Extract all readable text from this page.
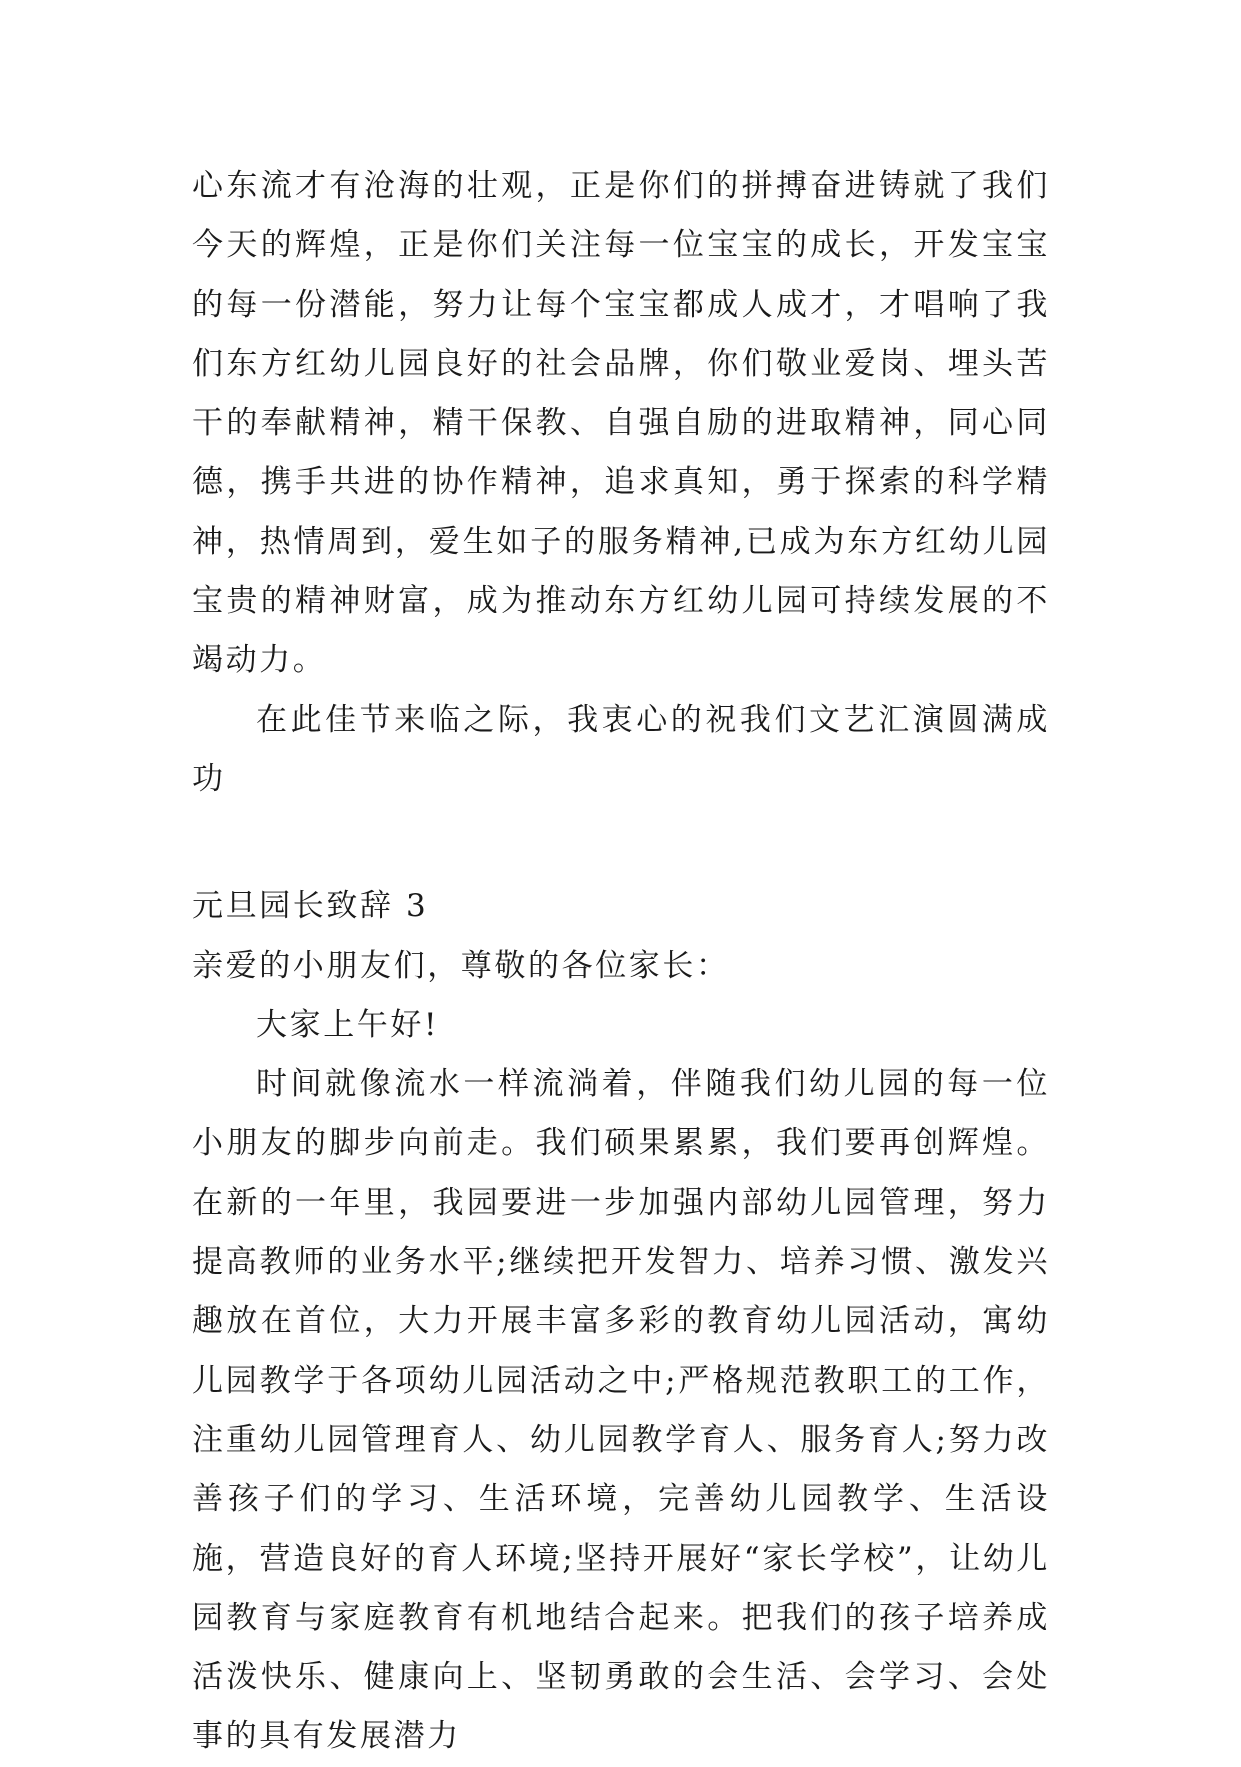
心东流才有沧海的壮观，正是你们的拼搏奋进铸就了我们今天的辉煌，正是你们关注每一位宝宝的成长，开发宝宝的每一份潜能，努力让每个宝宝都成人成才，才唱响了我们东方红幼儿园良好的社会品牌，你们敬业爱岗、埋头苦干的奉献精神，精干保教、自强自励的进取精神，同心同德，携手共进的协作精神，追求真知，勇于探索的科学精神，热情周到，爱生如子的服务精神,已成为东方红幼儿园宝贵的精神财富，成为推动东方红幼儿园可持续发展的不竭动力。

在此佳节来临之际，我衷心的祝我们文艺汇演圆满成功

元旦园长致辞 3

亲爱的小朋友们，尊敬的各位家长：

大家上午好!

时间就像流水一样流淌着，伴随我们幼儿园的每一位小朋友的脚步向前走。我们硕果累累，我们要再创辉煌。在新的一年里，我园要进一步加强内部幼儿园管理，努力提高教师的业务水平;继续把开发智力、培养习惯、激发兴趣放在首位，大力开展丰富多彩的教育幼儿园活动，寓幼儿园教学于各项幼儿园活动之中;严格规范教职工的工作，注重幼儿园管理育人、幼儿园教学育人、服务育人;努力改善孩子们的学习、生活环境，完善幼儿园教学、生活设施，营造良好的育人环境;坚持开展好“家长学校”，让幼儿园教育与家庭教育有机地结合起来。把我们的孩子培养成活泼快乐、健康向上、坚韧勇敢的会生活、会学习、会处事的具有发展潜力
